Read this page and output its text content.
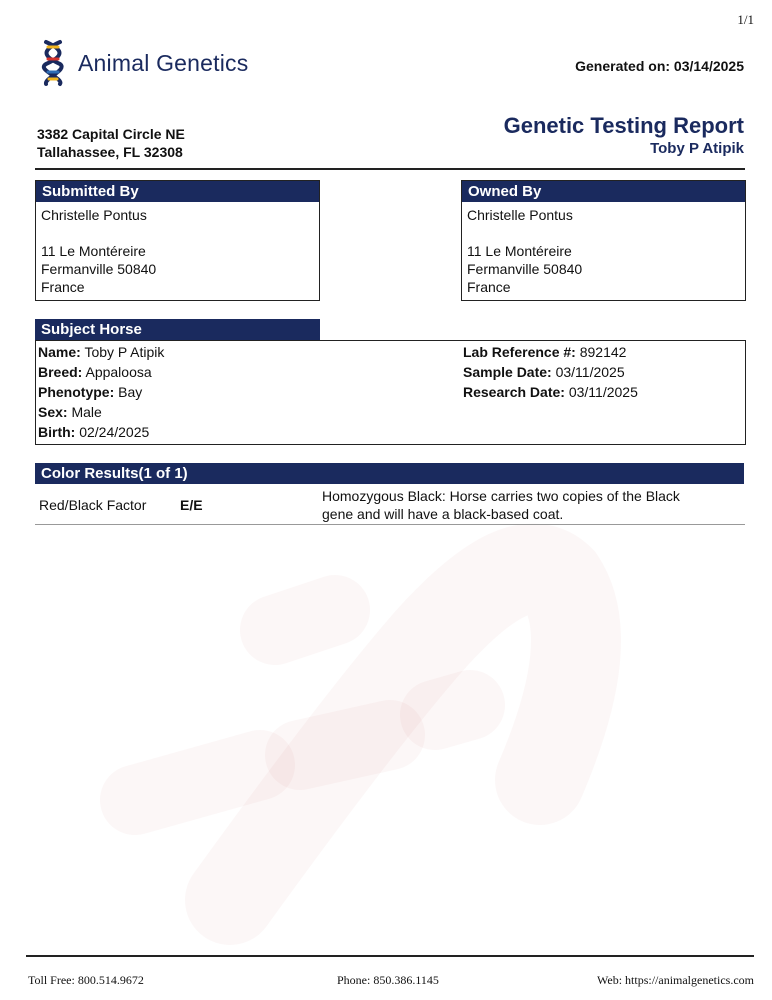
1/1
Animal Genetics	Generated on: 03/14/2025
3382 Capital Circle NE
Tallahassee, FL 32308
Genetic Testing Report
Toby P Atipik
Submitted By
Christelle Pontus
11 Le Montéreire
Fermanville 50840
France
Owned By
Christelle Pontus
11 Le Montéreire
Fermanville 50840
France
Subject Horse
Name: Toby P Atipik
Breed: Appaloosa
Phenotype: Bay
Sex: Male
Birth: 02/24/2025
Lab Reference #: 892142
Sample Date: 03/11/2025
Research Date: 03/11/2025
Color Results(1 of 1)
Red/Black Factor E/E
Homozygous Black: Horse carries two copies of the Black
gene and will have a black-based coat.
Toll Free: 800.514.9672	Phone: 850.386.1145	Web: https://animalgenetics.com
